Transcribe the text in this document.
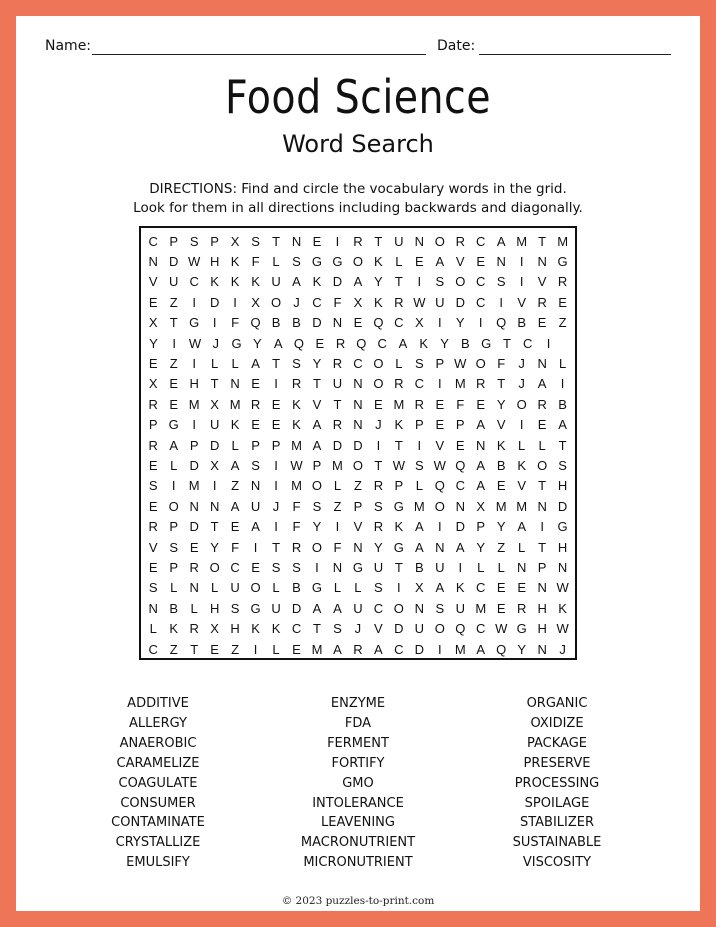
Name:	Date:
Food Science
Word Search
DIRECTIONS: Find and circle the vocabulary words in the grid.
Look for them in all directions including backwards and diagonally.
C P S P X S T N E	I	R T U N O R C A M T M
N D W H K F L S G G O K L E A V E N	I	N G
V U C K K K U A K D A Y T	I	S O C S	I	V R
E Z	I	D	I	X O J C F X K R W U D C	I	V R E
X T G	I	F Q B B D N E Q C X	I	Y	I	Q B E Z
Y	I W J G Y A Q E R Q C A K Y B G T C	I
E Z	I	L	L A T S Y R C O L S P W O F	J N L
X E H T N E	I	R T U N O R C	I	M R T	J A	I
R E M X M R E K V T N E M R E F E Y O R B
P G	I	U K E E K A R N J K P E P A V	I	E A
R A P D L P P M A D D	I	T	I	V E N K L	L T
E L D X A S	I W P M O T W S W Q A B K O S
S	I	M	I	Z N	I	M O L Z R P L Q C A E V T H
E O N N A U J	F S Z P S G M O N X M M N D
R P D T E A	I	F Y	I	V R K A	I	D P Y A	I	G
V S E Y F	I	T R O F N Y G A N A Y Z L T H
E P R O C E S S	I	N G U T B U	I	L	L N P N
S L N L U O L B G L	L S	I	X A K C E E N W
N B L H S G U D A A U C O N S U M E R H K
L K R X H K K C T S J V D U O Q C W G H W
C Z T E Z	I	L E M A R A C D	I	M A Q Y N J
ADDITIVE
ALLERGY
ANAEROBIC
CARAMELIZE
COAGULATE
CONSUMER
CONTAMINATE
CRYSTALLIZE
EMULSIFY
ENZYME
FDA
FERMENT
FORTIFY
GMO
INTOLERANCE
LEAVENING
MACRONUTRIENT
MICRONUTRIENT
ORGANIC
OXIDIZE
PACKAGE
PRESERVE
PROCESSING
SPOILAGE
STABILIZER
SUSTAINABLE
VISCOSITY
© 2023 puzzles-to-print.com
